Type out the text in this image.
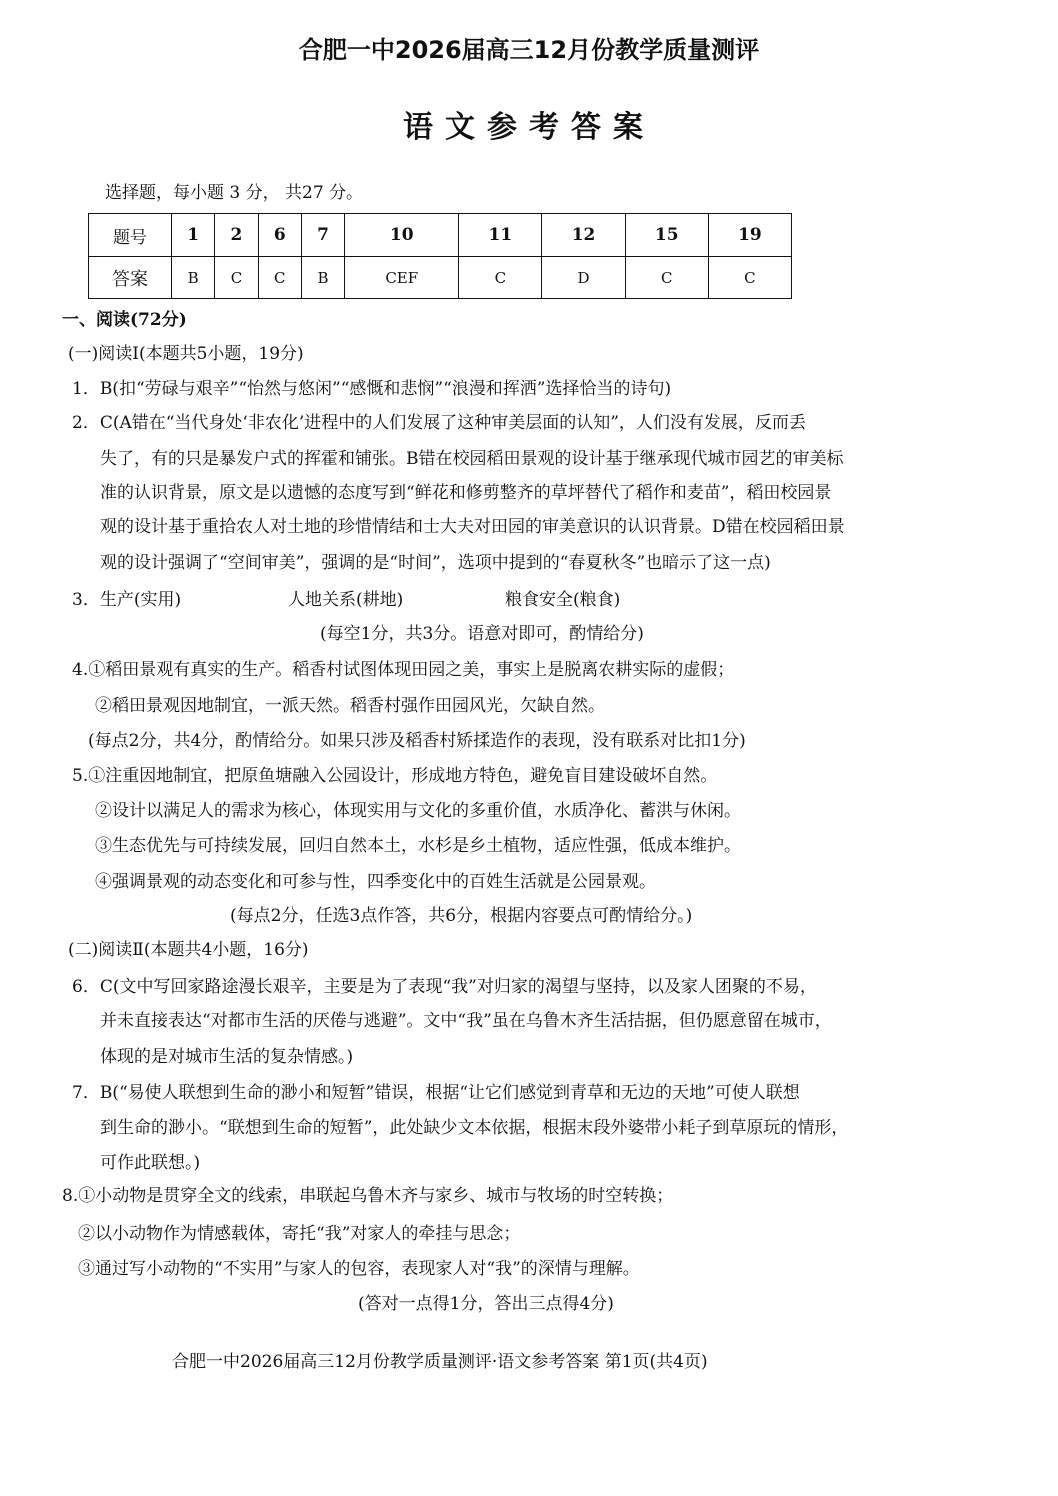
合肥一中2026届高三12月份教学质量测评
语文参考答案
选择题，每小题 3 分， 共27 分。
题号	1	2	6	7	10	11	12	15	19
答案	B	C	C	B	CEF	C	D	C	C
一、阅读(72分)
(一)阅读Ⅰ(本题共5小题，19分)
1．B(扣“劳碌与艰辛”“怡然与悠闲”“感慨和悲悯”“浪漫和挥洒”选择恰当的诗句)
2．C(A错在“当代身处‘非农化’进程中的人们发展了这种审美层面的认知”，人们没有发展，反而丢
失了，有的只是暴发户式的挥霍和铺张。B错在校园稻田景观的设计基于继承现代城市园艺的审美标
准的认识背景，原文是以遗憾的态度写到“鲜花和修剪整齐的草坪替代了稻作和麦苗”，稻田校园景
观的设计基于重拾农人对土地的珍惜情结和士大夫对田园的审美意识的认识背景。D错在校园稻田景
观的设计强调了“空间审美”，强调的是“时间”，选项中提到的“春夏秋冬”也暗示了这一点)
3．生产(实用)	人地关系(耕地)	粮食安全(粮食)
(每空1分，共3分。语意对即可，酌情给分)
4.①稻田景观有真实的生产。稻香村试图体现田园之美，事实上是脱离农耕实际的虚假；
②稻田景观因地制宜，一派天然。稻香村强作田园风光，欠缺自然。
(每点2分，共4分，酌情给分。如果只涉及稻香村矫揉造作的表现，没有联系对比扣1分)
5.①注重因地制宜，把原鱼塘融入公园设计，形成地方特色，避免盲目建设破坏自然。
②设计以满足人的需求为核心，体现实用与文化的多重价值，水质净化、蓄洪与休闲。
③生态优先与可持续发展，回归自然本土，水杉是乡土植物，适应性强，低成本维护。
④强调景观的动态变化和可参与性，四季变化中的百姓生活就是公园景观。
(每点2分，任选3点作答，共6分，根据内容要点可酌情给分。)
(二)阅读Ⅱ(本题共4小题，16分)
6．C(文中写回家路途漫长艰辛，主要是为了表现“我”对归家的渴望与坚持，以及家人团聚的不易，
并未直接表达“对都市生活的厌倦与逃避”。文中“我”虽在乌鲁木齐生活拮据，但仍愿意留在城市，
体现的是对城市生活的复杂情感。)
7．B(“易使人联想到生命的渺小和短暂”错误，根据“让它们感觉到青草和无边的天地”可使人联想
到生命的渺小。“联想到生命的短暂”，此处缺少文本依据，根据末段外婆带小耗子到草原玩的情形，
可作此联想。)
8.①小动物是贯穿全文的线索，串联起乌鲁木齐与家乡、城市与牧场的时空转换；
②以小动物作为情感载体，寄托“我”对家人的牵挂与思念；
③通过写小动物的“不实用”与家人的包容，表现家人对“我”的深情与理解。
(答对一点得1分，答出三点得4分)
合肥一中2026届高三12月份教学质量测评·语文参考答案 第1页(共4页)
